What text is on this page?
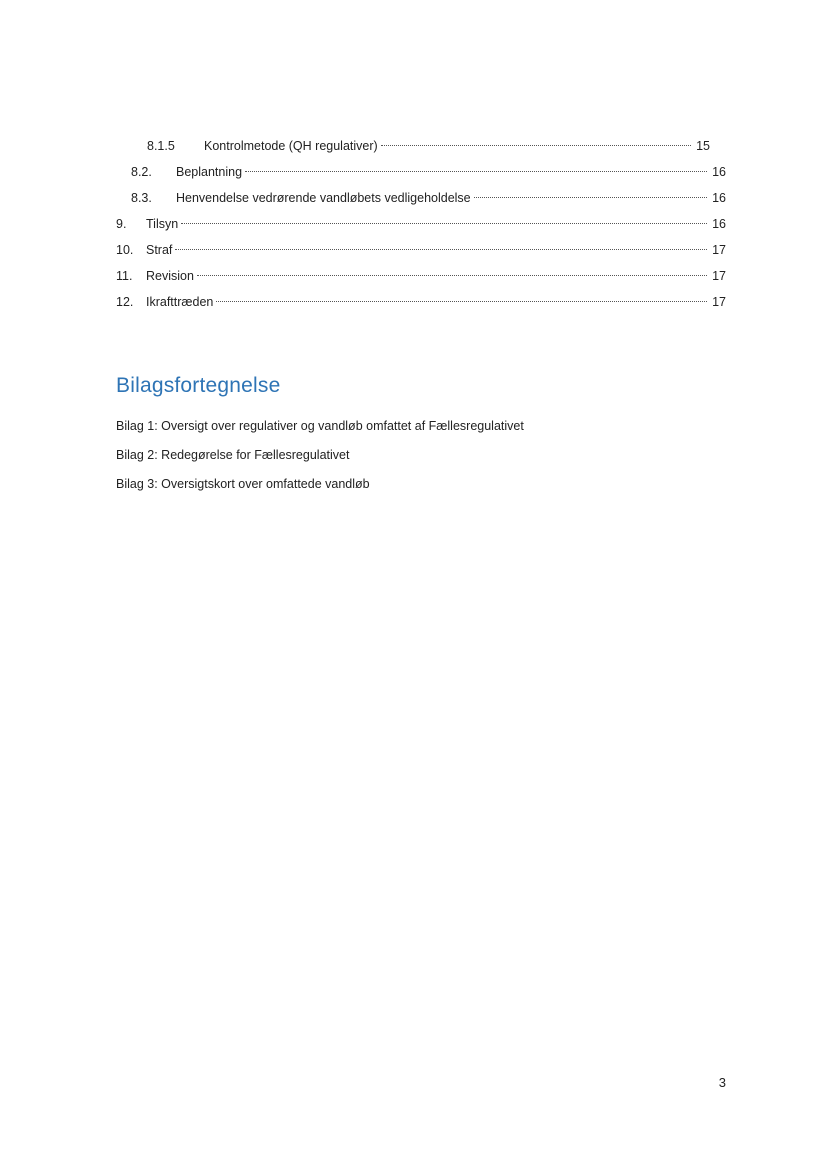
8.1.5	Kontrolmetode (QH regulativer)	15
8.2.	Beplantning	16
8.3.	Henvendelse vedrørende vandløbets vedligeholdelse	16
9.	Tilsyn	16
10.	Straf	17
11.	Revision	17
12.	Ikrafttræden	17
Bilagsfortegnelse
Bilag 1: Oversigt over regulativer og vandløb omfattet af Fællesregulativet
Bilag 2: Redegørelse for Fællesregulativet
Bilag 3: Oversigtskort over omfattede vandløb
3
